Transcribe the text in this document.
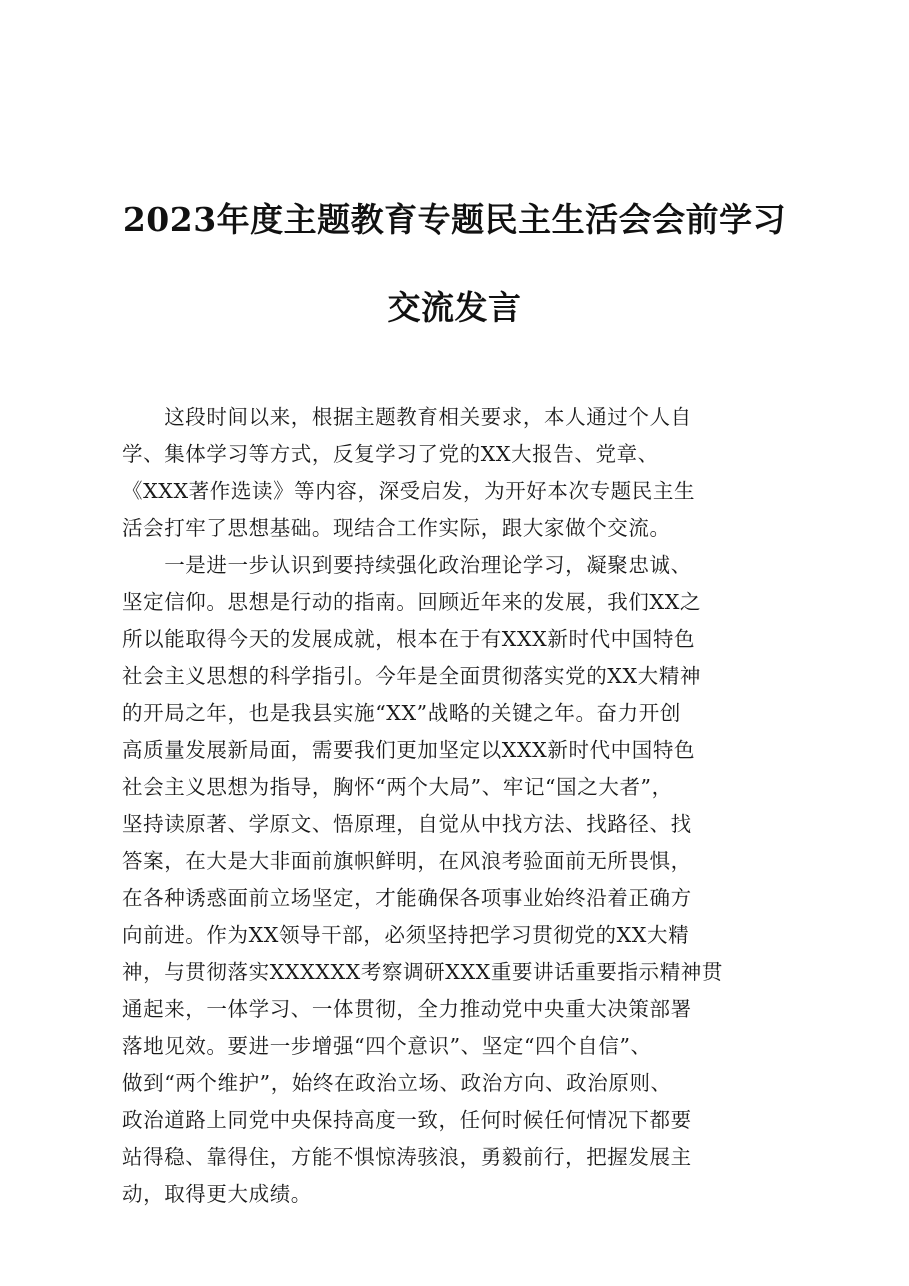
2023年度主题教育专题民主生活会会前学习
交流发言
　　这段时间以来，根据主题教育相关要求，本人通过个人自
学、集体学习等方式，反复学习了党的XX大报告、党章、
《XXX著作选读》等内容，深受启发，为开好本次专题民主生
活会打牢了思想基础。现结合工作实际，跟大家做个交流。
　　一是进一步认识到要持续强化政治理论学习，凝聚忠诚、
坚定信仰。思想是行动的指南。回顾近年来的发展，我们XX之
所以能取得今天的发展成就，根本在于有XXX新时代中国特色
社会主义思想的科学指引。今年是全面贯彻落实党的XX大精神
的开局之年，也是我县实施“XX”战略的关键之年。奋力开创
高质量发展新局面，需要我们更加坚定以XXX新时代中国特色
社会主义思想为指导，胸怀“两个大局”、牢记“国之大者”，
坚持读原著、学原文、悟原理，自觉从中找方法、找路径、找
答案，在大是大非面前旗帜鲜明，在风浪考验面前无所畏惧，
在各种诱惑面前立场坚定，才能确保各项事业始终沿着正确方
向前进。作为XX领导干部，必须坚持把学习贯彻党的XX大精
神，与贯彻落实XXXXXX考察调研XXX重要讲话重要指示精神贯
通起来，一体学习、一体贯彻，全力推动党中央重大决策部署
落地见效。要进一步增强“四个意识”、坚定“四个自信”、
做到“两个维护”，始终在政治立场、政治方向、政治原则、
政治道路上同党中央保持高度一致，任何时候任何情况下都要
站得稳、靠得住，方能不惧惊涛骇浪，勇毅前行，把握发展主
动，取得更大成绩。
